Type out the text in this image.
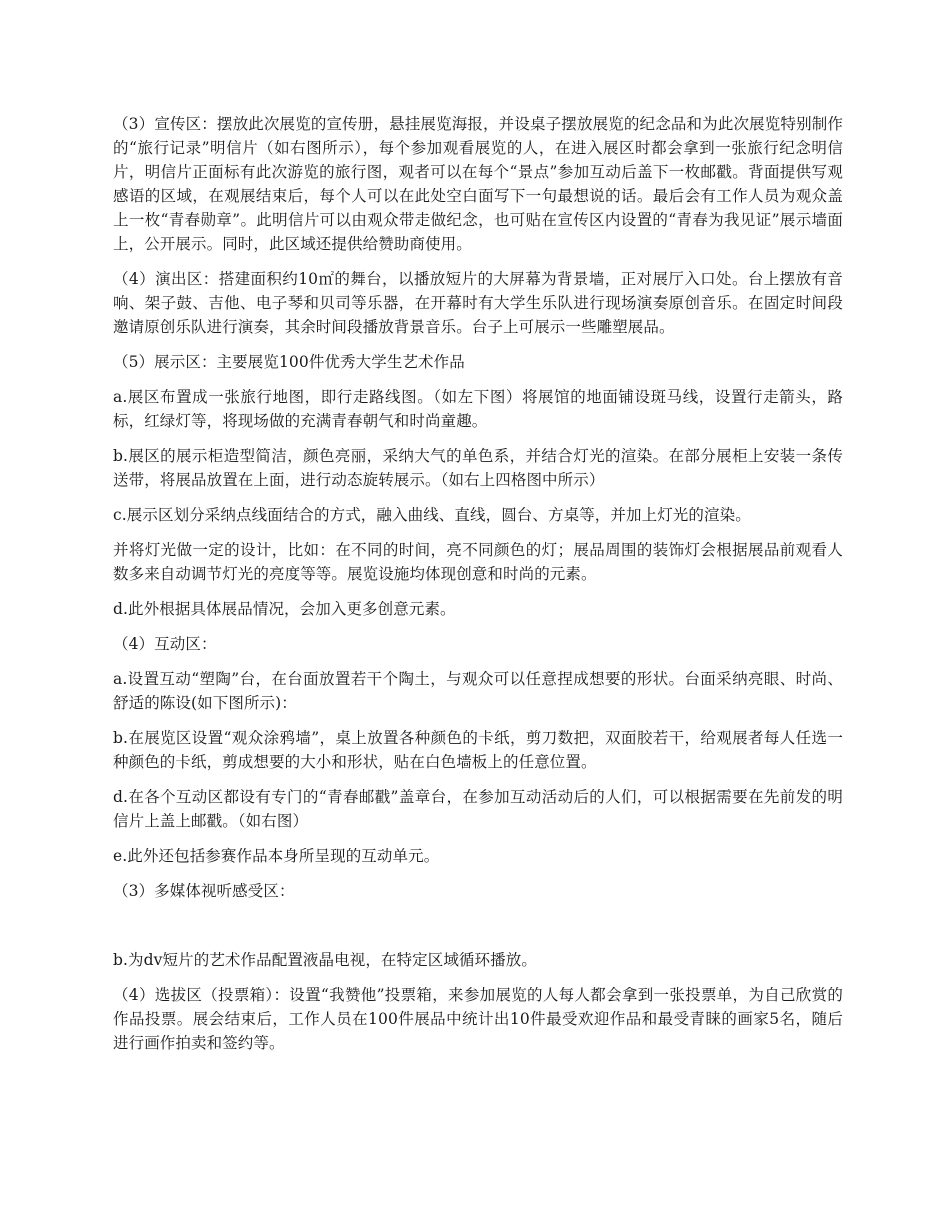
（3）宣传区：摆放此次展览的宣传册，悬挂展览海报，并设桌子摆放展览的纪念品和为此次展览特别制作的“旅行记录”明信片（如右图所示），每个参加观看展览的人，在进入展区时都会拿到一张旅行纪念明信片，明信片正面标有此次游览的旅行图，观者可以在每个“景点”参加互动后盖下一枚邮戳。背面提供写观感语的区域，在观展结束后，每个人可以在此处空白面写下一句最想说的话。最后会有工作人员为观众盖上一枚“青春勋章”。此明信片可以由观众带走做纪念，也可贴在宣传区内设置的“青春为我见证”展示墙面上，公开展示。同时，此区域还提供给赞助商使用。

（4）演出区：搭建面积约10㎡的舞台，以播放短片的大屏幕为背景墙，正对展厅入口处。台上摆放有音响、架子鼓、吉他、电子琴和贝司等乐器，在开幕时有大学生乐队进行现场演奏原创音乐。在固定时间段邀请原创乐队进行演奏，其余时间段播放背景音乐。台子上可展示一些雕塑展品。

（5）展示区：主要展览100件优秀大学生艺术作品

a.展区布置成一张旅行地图，即行走路线图。（如左下图）将展馆的地面铺设斑马线，设置行走箭头，路标，红绿灯等，将现场做的充满青春朝气和时尚童趣。

b.展区的展示柜造型简洁，颜色亮丽，采纳大气的单色系，并结合灯光的渲染。在部分展柜上安装一条传送带，将展品放置在上面，进行动态旋转展示。（如右上四格图中所示）

c.展示区划分采纳点线面结合的方式，融入曲线、直线，圆台、方桌等，并加上灯光的渲染。

并将灯光做一定的设计，比如：在不同的时间，亮不同颜色的灯；展品周围的装饰灯会根据展品前观看人数多来自动调节灯光的亮度等等。展览设施均体现创意和时尚的元素。

d.此外根据具体展品情况，会加入更多创意元素。

（4）互动区：

a.设置互动“塑陶”台，在台面放置若干个陶土，与观众可以任意捏成想要的形状。台面采纳亮眼、时尚、舒适的陈设(如下图所示)：

b.在展览区设置“观众涂鸦墙”，桌上放置各种颜色的卡纸，剪刀数把，双面胶若干，给观展者每人任选一种颜色的卡纸，剪成想要的大小和形状，贴在白色墙板上的任意位置。

d.在各个互动区都设有专门的“青春邮戳”盖章台，在参加互动活动后的人们，可以根据需要在先前发的明信片上盖上邮戳。（如右图）

e.此外还包括参赛作品本身所呈现的互动单元。

（3）多媒体视听感受区：

b.为dv短片的艺术作品配置液晶电视，在特定区域循环播放。

（4）选拔区（投票箱）：设置“我赞他”投票箱，来参加展览的人每人都会拿到一张投票单，为自己欣赏的作品投票。展会结束后，工作人员在100件展品中统计出10件最受欢迎作品和最受青睐的画家5名，随后进行画作拍卖和签约等。
